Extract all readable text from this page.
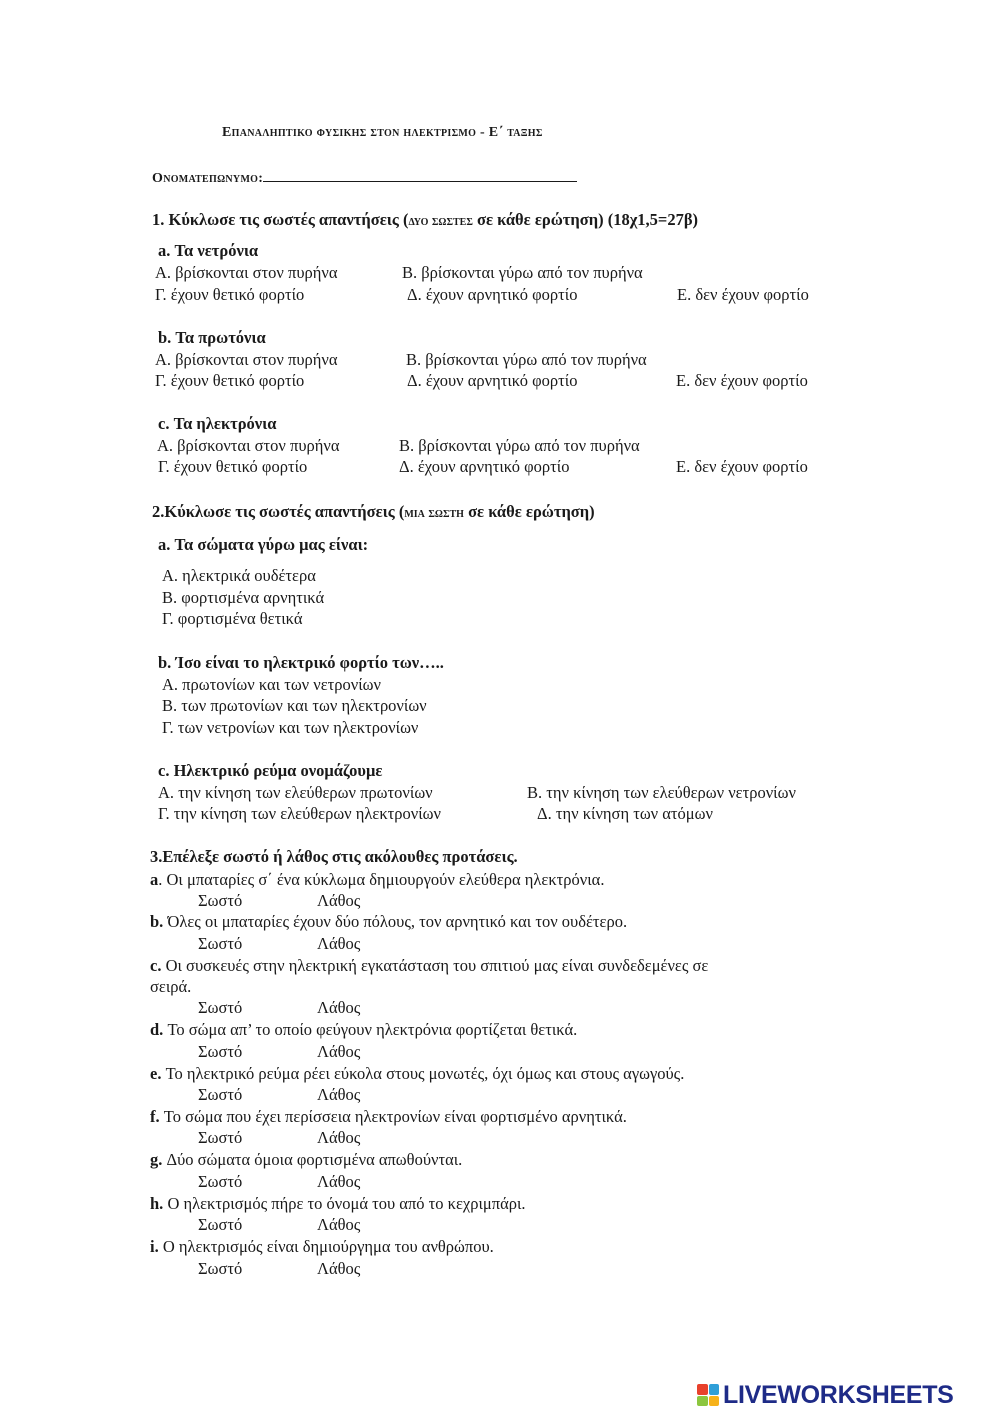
Επαναληπτικο φυσικησ στον ηλεκτρισμο - Ε΄ ταξησ
Ονοματεπωνυμο:
1. Κύκλωσε τις σωστές απαντήσεις (δυο σωστες σε κάθε ερώτηση) (18χ1,5=27β)
a. Τα νετρόνια
Α. βρίσκονται στον πυρήνα	Β. βρίσκονται γύρω από τον πυρήνα
Γ. έχουν θετικό φορτίο	Δ. έχουν αρνητικό φορτίο	Ε. δεν έχουν φορτίο
b. Τα πρωτόνια
Α. βρίσκονται στον πυρήνα	Β. βρίσκονται γύρω από τον πυρήνα
Γ. έχουν θετικό φορτίο	Δ. έχουν αρνητικό φορτίο	Ε. δεν έχουν φορτίο
c. Τα ηλεκτρόνια
Α. βρίσκονται στον πυρήνα	Β. βρίσκονται γύρω από τον πυρήνα
Γ. έχουν θετικό φορτίο	Δ. έχουν αρνητικό φορτίο	Ε. δεν έχουν φορτίο
2.Κύκλωσε τις σωστές απαντήσεις (μια σωστη σε κάθε ερώτηση)
a. Τα σώματα γύρω μας είναι:
Α. ηλεκτρικά ουδέτερα
Β. φορτισμένα αρνητικά
Γ. φορτισμένα θετικά
b. Ίσο είναι το ηλεκτρικό φορτίο των…..
Α. πρωτονίων και των νετρονίων
Β. των πρωτονίων και των ηλεκτρονίων
Γ. των νετρονίων και των ηλεκτρονίων
c. Ηλεκτρικό ρεύμα ονομάζουμε
Α. την κίνηση των ελεύθερων πρωτονίων	Β. την κίνηση των ελεύθερων νετρονίων
Γ. την κίνηση των ελεύθερων ηλεκτρονίων	Δ. την κίνηση των ατόμων
3.Επέλεξε σωστό ή λάθος στις ακόλουθες προτάσεις.
a. Οι μπαταρίες σ΄ ένα κύκλωμα δημιουργούν ελεύθερα ηλεκτρόνια.
Σωστό	Λάθος
b. Όλες οι μπαταρίες έχουν δύο πόλους, τον αρνητικό και τον ουδέτερο.
Σωστό	Λάθος
c. Οι συσκευές στην ηλεκτρική εγκατάσταση του σπιτιού μας είναι συνδεδεμένες σε
σειρά.
Σωστό	Λάθος
d. Το σώμα απ’ το οποίο φεύγουν ηλεκτρόνια φορτίζεται θετικά.
Σωστό	Λάθος
e. Το ηλεκτρικό ρεύμα ρέει εύκολα στους μονωτές, όχι όμως και στους αγωγούς.
Σωστό	Λάθος
f. Το σώμα που έχει περίσσεια ηλεκτρονίων είναι φορτισμένο αρνητικά.
Σωστό	Λάθος
g. Δύο σώματα όμοια φορτισμένα απωθούνται.
Σωστό	Λάθος
h. Ο ηλεκτρισμός πήρε το όνομά του από το κεχριμπάρι.
Σωστό	Λάθος
i. Ο ηλεκτρισμός είναι δημιούργημα του ανθρώπου.
Σωστό	Λάθος
LIVEWORKSHEETS
